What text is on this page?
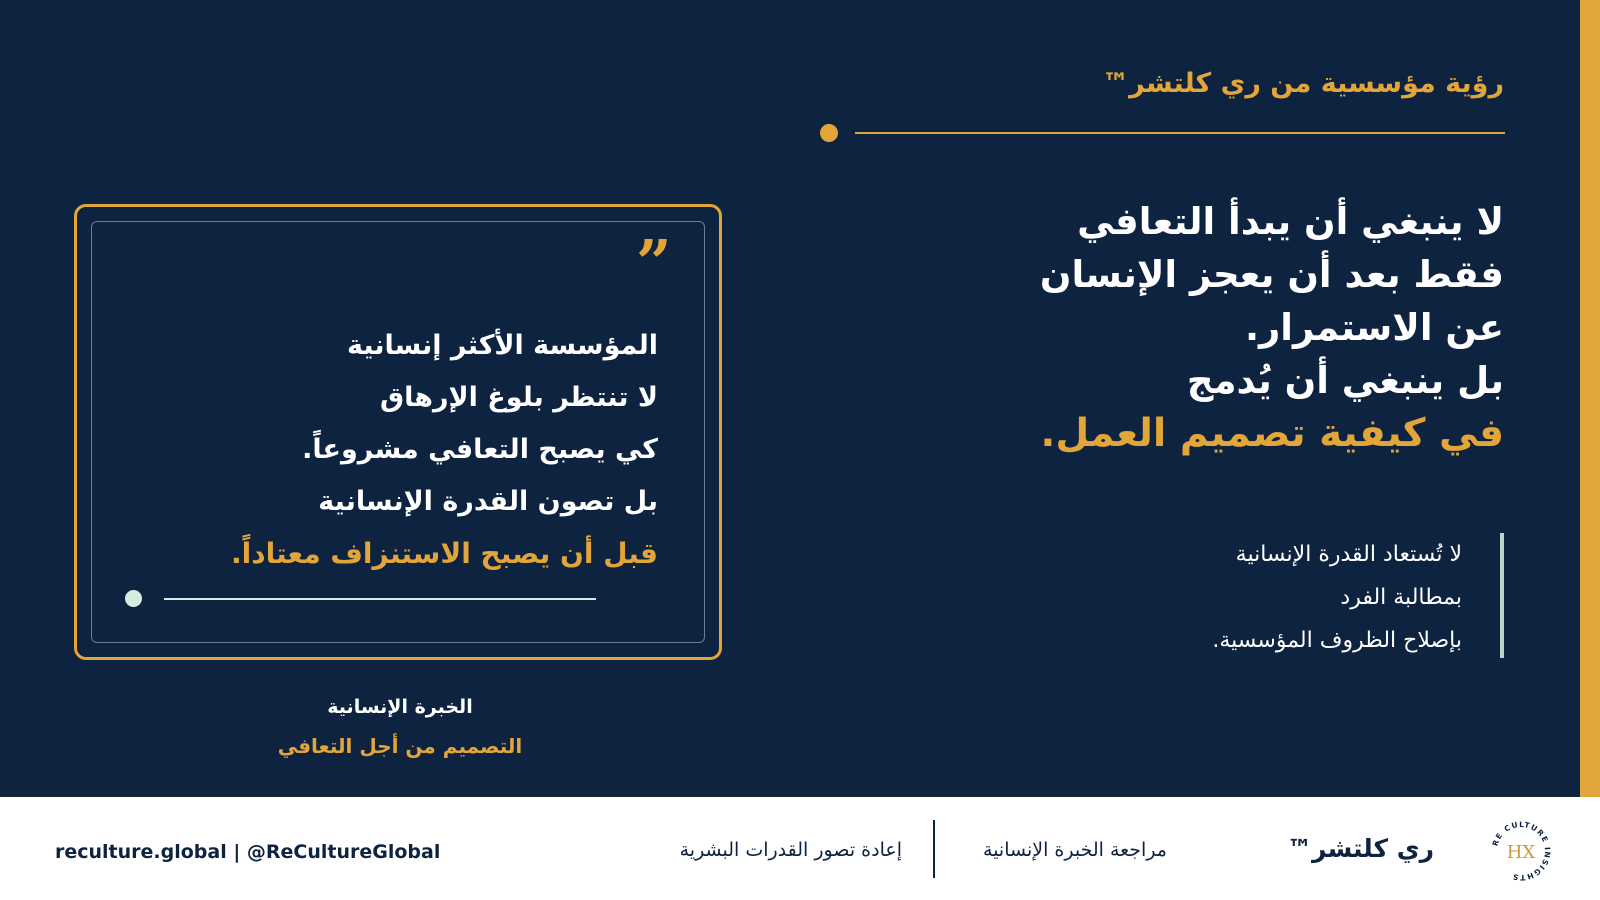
رؤية مؤسسية من ري كلتشر™
لا ينبغي أن يبدأ التعافي
فقط بعد أن يعجز الإنسان
عن الاستمرار.
بل ينبغي أن يُدمج
في كيفية تصميم العمل.
لا تُستعاد القدرة الإنسانية
بمطالبة الفرد
بإصلاح الظروف المؤسسية.
”
المؤسسة الأكثر إنسانية
لا تنتظر بلوغ الإرهاق
كي يصبح التعافي مشروعاً.
بل تصون القدرة الإنسانية
قبل أن يصبح الاستنزاف معتاداً.
الخبرة الإنسانية
التصميم من أجل التعافي
reculture.global | @ReCultureGlobal	إعادة تصور القدرات البشرية	مراجعة الخبرة الإنسانية	ري كلتشر™	RE CULTURE INSIGHTS
HX
